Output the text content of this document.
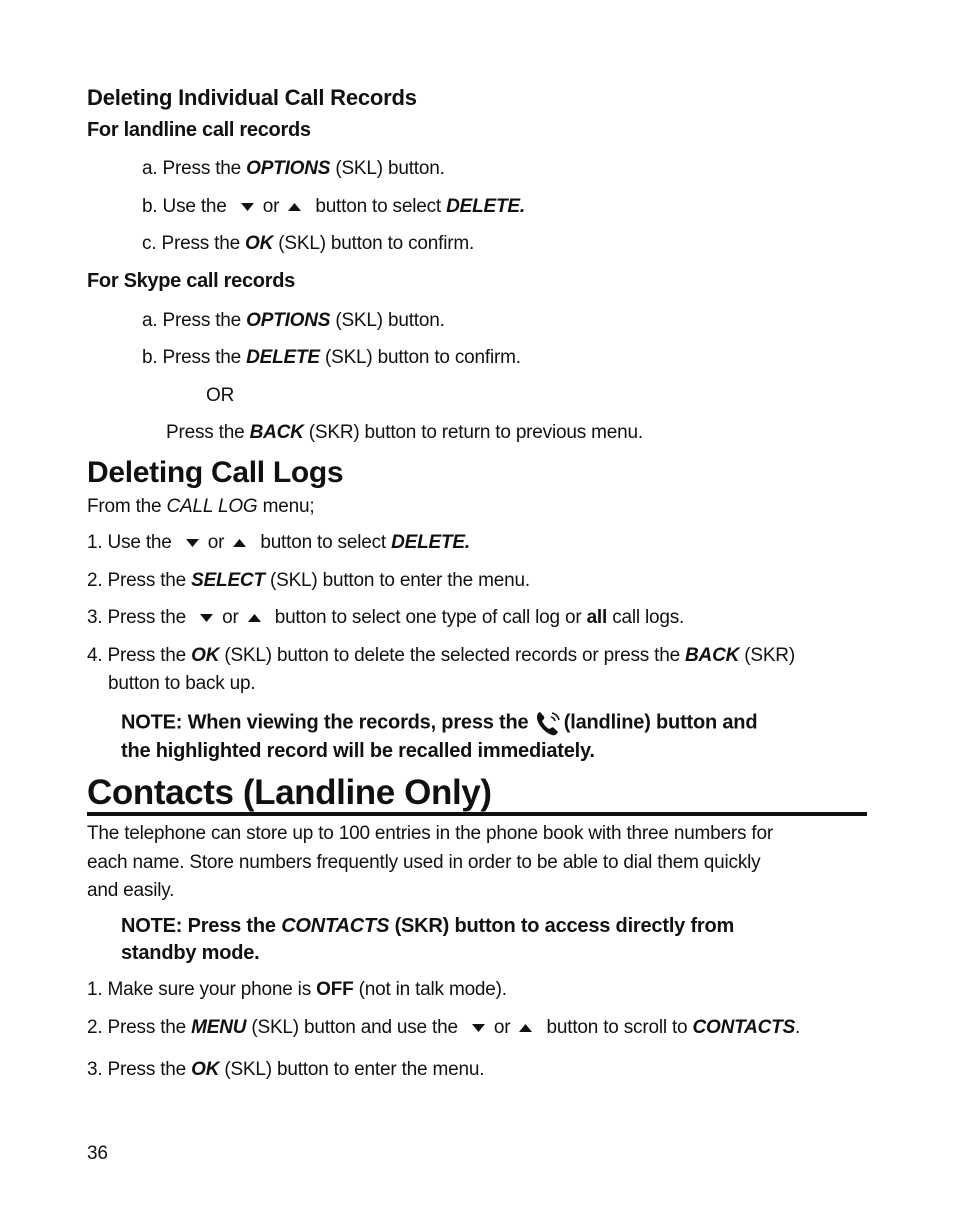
Deleting Individual Call Records
For landline call records
a. Press the OPTIONS (SKL) button.
b. Use the or button to select DELETE.
c. Press the OK (SKL) button to confirm.
For Skype call records
a. Press the OPTIONS (SKL) button.
b. Press the DELETE (SKL) button to confirm.
OR
Press the BACK (SKR) button to return to previous menu.
Deleting Call Logs
From the CALL LOG menu;
1. Use the or button to select DELETE.
2. Press the SELECT (SKL) button to enter the menu.
3. Press the or button to select one type of call log or all call logs.
4. Press the OK (SKL) button to delete the selected records or press the BACK (SKR)
button to back up.
NOTE: When viewing the records, press the (landline) button and
the highlighted record will be recalled immediately.
Contacts (Landline Only)
The telephone can store up to 100 entries in the phone book with three numbers for
each name. Store numbers frequently used in order to be able to dial them quickly
and easily.
NOTE: Press the CONTACTS (SKR) button to access directly from
standby mode.
1. Make sure your phone is OFF (not in talk mode).
2. Press the MENU (SKL) button and use the or button to scroll to CONTACTS.
3. Press the OK (SKL) button to enter the menu.
36
